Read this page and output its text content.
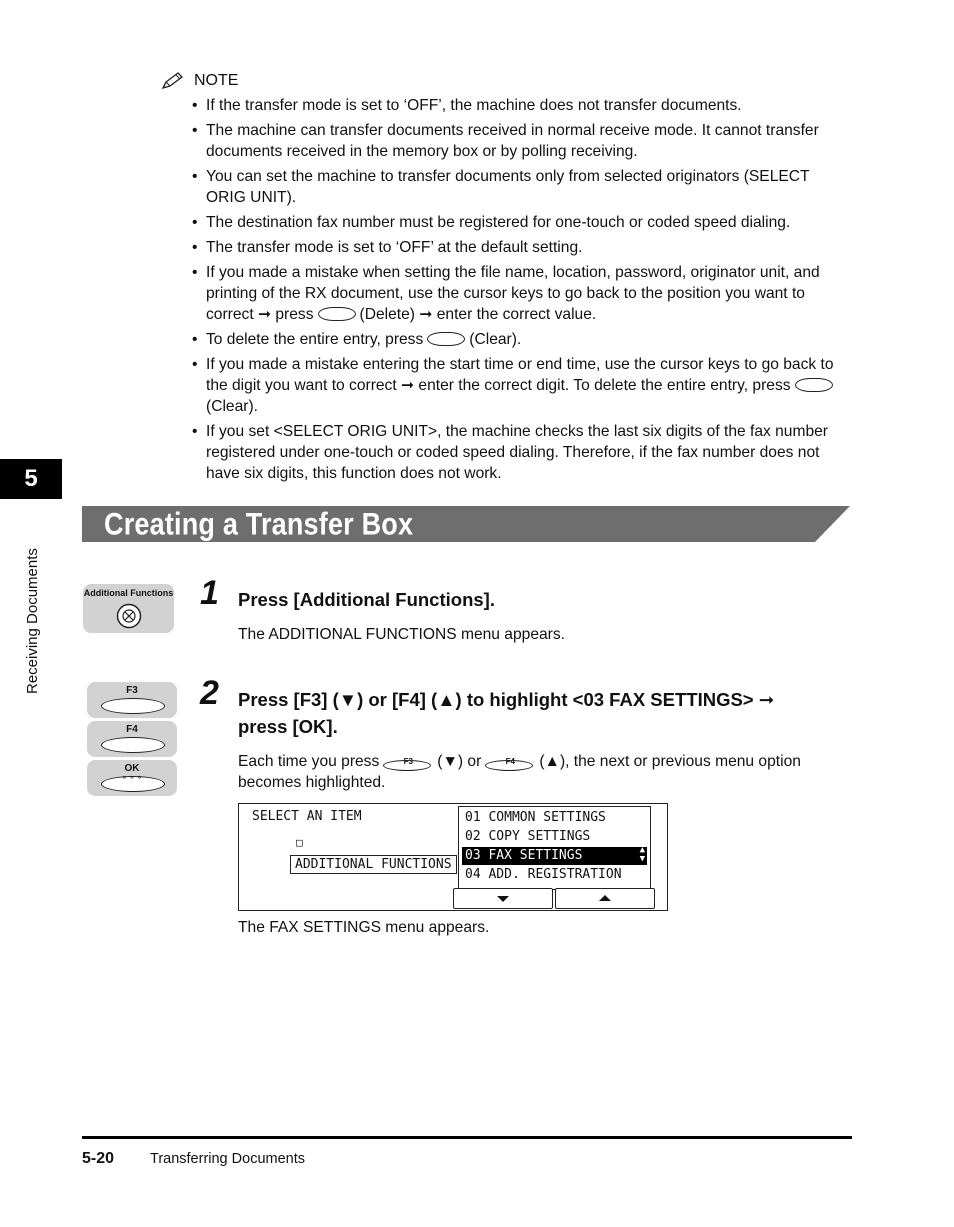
NOTE
• If the transfer mode is set to ‘OFF’, the machine does not transfer documents.
• The machine can transfer documents received in normal receive mode. It cannot transfer documents received in the memory box or by polling receiving.
• You can set the machine to transfer documents only from selected originators (SELECT ORIG UNIT).
• The destination fax number must be registered for one-touch or coded speed dialing.
• The transfer mode is set to ‘OFF’ at the default setting.
• If you made a mistake when setting the file name, location, password, originator unit, and printing of the RX document, use the cursor keys to go back to the position you want to correct ➞ press	(Delete) ➞ enter the correct value.
• To delete the entire entry, press	(Clear).
• If you made a mistake entering the start time or end time, use the cursor keys to go back to the digit you want to correct ➞ enter the correct digit. To delete the entire entry, press(Clear).
• If you set <SELECT ORIG UNIT>, the machine checks the last six digits of the fax number registered under one-touch or coded speed dialing. Therefore, if the fax number does not have six digits, this function does not work.
5
Receiving Documents
Creating a Transfer Box
Additional Functions 1 Press [Additional Functions].
The ADDITIONAL FUNCTIONS menu appears.
F3
F4
OK
∘∘∘
2 Press [F3] (▼) or [F4] (▲) to highlight <03 FAX SETTINGS> ➞
press [OK].
Each time you press	F3	(▼) or	F4	(▲), the next or previous menu option
becomes highlighted.
SELECT AN ITEM
□
ADDITIONAL FUNCTIONS
01 COMMON SETTINGS
02 COPY SETTINGS
03 FAX SETTINGS	▲
▼
04 ADD. REGISTRATION
The FAX SETTINGS menu appears.
5-20 Transferring Documents
